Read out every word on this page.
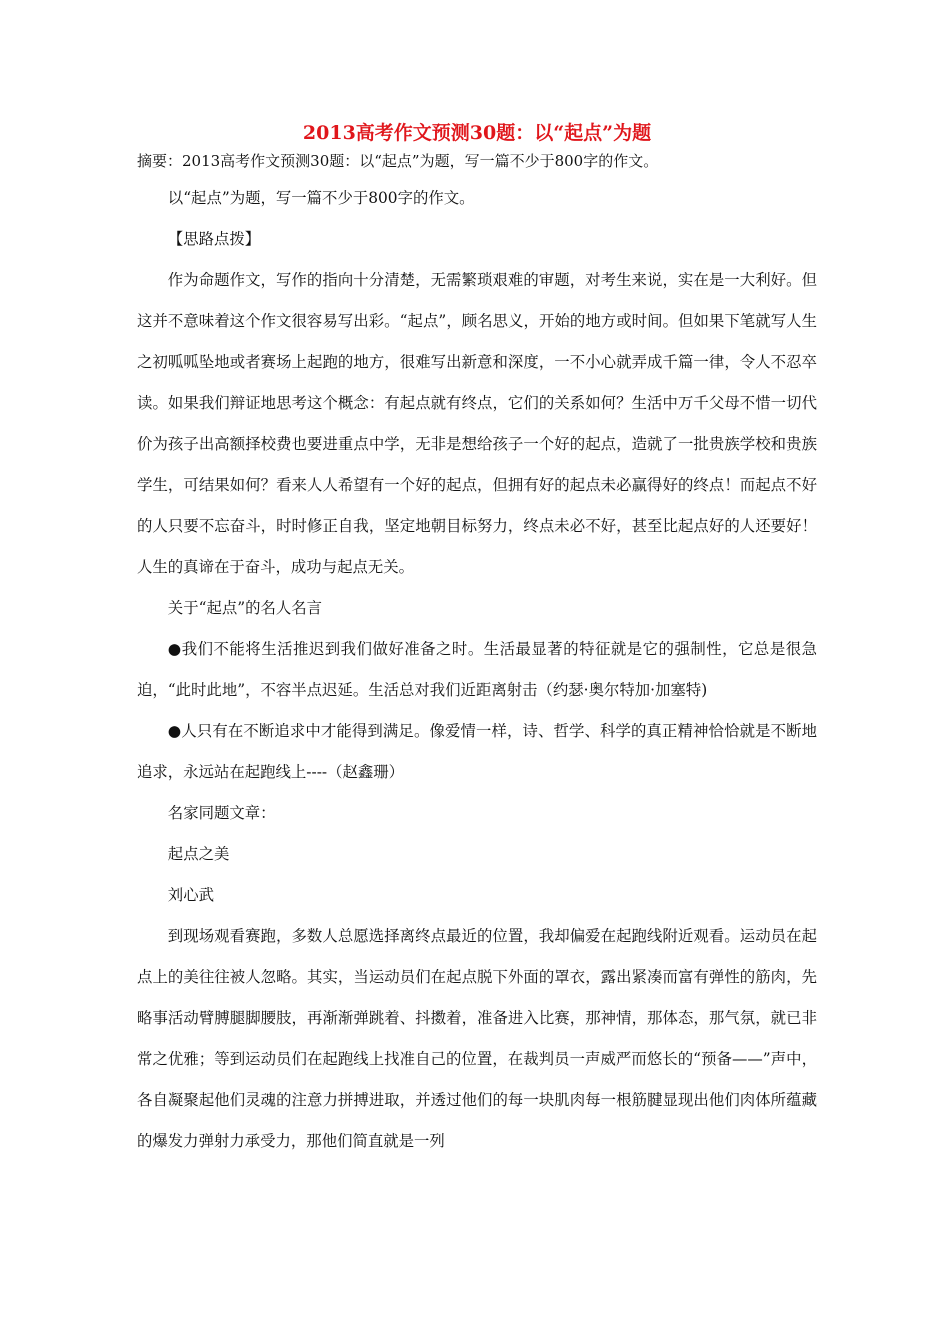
2013高考作文预测30题：以“起点”为题
摘要：2013高考作文预测30题：以“起点”为题，写一篇不少于800字的作文。

以“起点”为题，写一篇不少于800字的作文。

【思路点拨】

作为命题作文，写作的指向十分清楚，无需繁琐艰难的审题，对考生来说，实在是一大利好。但这并不意味着这个作文很容易写出彩。“起点”，顾名思义，开始的地方或时间。但如果下笔就写人生之初呱呱坠地或者赛场上起跑的地方，很难写出新意和深度，一不小心就弄成千篇一律，令人不忍卒读。如果我们辩证地思考这个概念：有起点就有终点，它们的关系如何？生活中万千父母不惜一切代价为孩子出高额择校费也要进重点中学，无非是想给孩子一个好的起点，造就了一批贵族学校和贵族学生，可结果如何？看来人人希望有一个好的起点，但拥有好的起点未必赢得好的终点！而起点不好的人只要不忘奋斗，时时修正自我，坚定地朝目标努力，终点未必不好，甚至比起点好的人还要好！人生的真谛在于奋斗，成功与起点无关。

关于“起点”的名人名言

●我们不能将生活推迟到我们做好准备之时。生活最显著的特征就是它的强制性，它总是很急迫，“此时此地”，不容半点迟延。生活总对我们近距离射击（约瑟·奥尔特加·加塞特)

●人只有在不断追求中才能得到满足。像爱情一样，诗、哲学、科学的真正精神恰恰就是不断地追求，永远站在起跑线上----（赵鑫珊）

名家同题文章：

起点之美

刘心武

到现场观看赛跑，多数人总愿选择离终点最近的位置，我却偏爱在起跑线附近观看。运动员在起点上的美往往被人忽略。其实，当运动员们在起点脱下外面的罩衣，露出紧凑而富有弹性的筋肉，先略事活动臂膊腿脚腰肢，再渐渐弹跳着、抖擞着，准备进入比赛，那神情，那体态，那气氛，就已非常之优雅；等到运动员们在起跑线上找准自己的位置，在裁判员一声威严而悠长的“预备——”声中，各自凝聚起他们灵魂的注意力拼搏进取，并透过他们的每一块肌肉每一根筋腱显现出他们肉体所蕴藏的爆发力弹射力承受力，那他们简直就是一列
